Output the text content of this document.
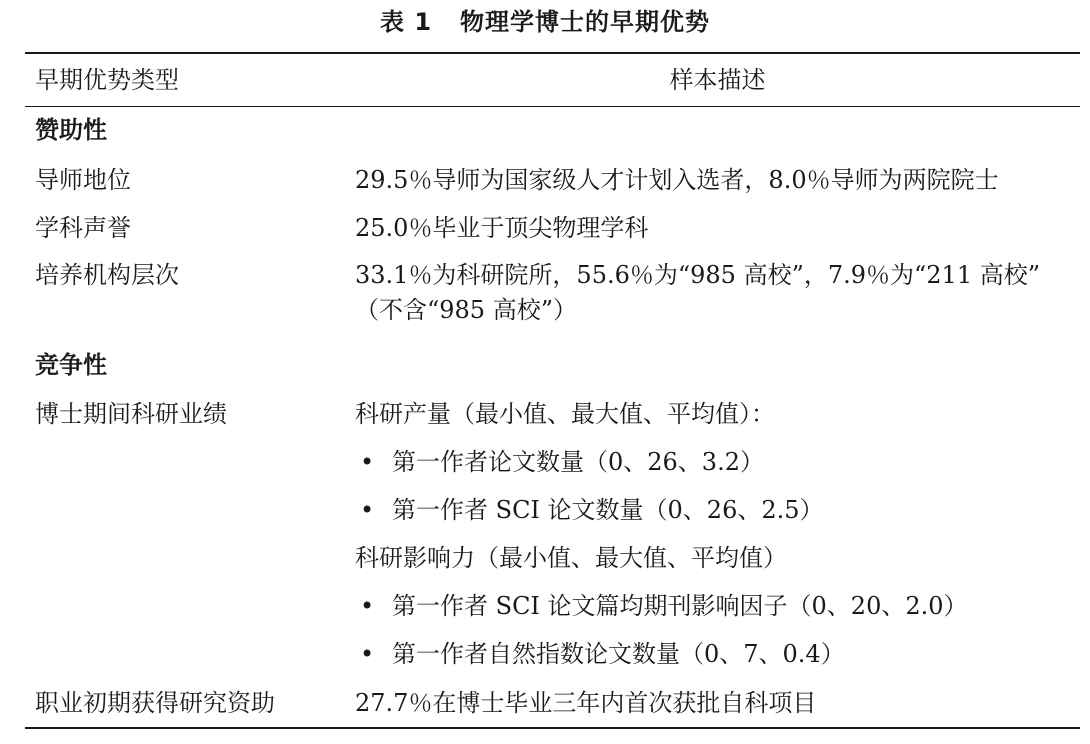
表 1 物理学博士的早期优势
早期优势类型	样本描述
赞助性
导师地位	29.5％导师为国家级人才计划入选者，8.0％导师为两院院士
学科声誉	25.0％毕业于顶尖物理学科
培养机构层次	33.1％为科研院所，55.6％为“985 高校”，7.9％为“211 高校”
（不含“985 高校”）
竞争性
博士期间科研业绩	科研产量（最小值、最大值、平均值）：
• 第一作者论文数量（0、26、3.2）
• 第一作者 SCI 论文数量（0、26、2.5）
科研影响力（最小值、最大值、平均值）
• 第一作者 SCI 论文篇均期刊影响因子（0、20、2.0）
• 第一作者自然指数论文数量（0、7、0.4）
职业初期获得研究资助	27.7％在博士毕业三年内首次获批自科项目
